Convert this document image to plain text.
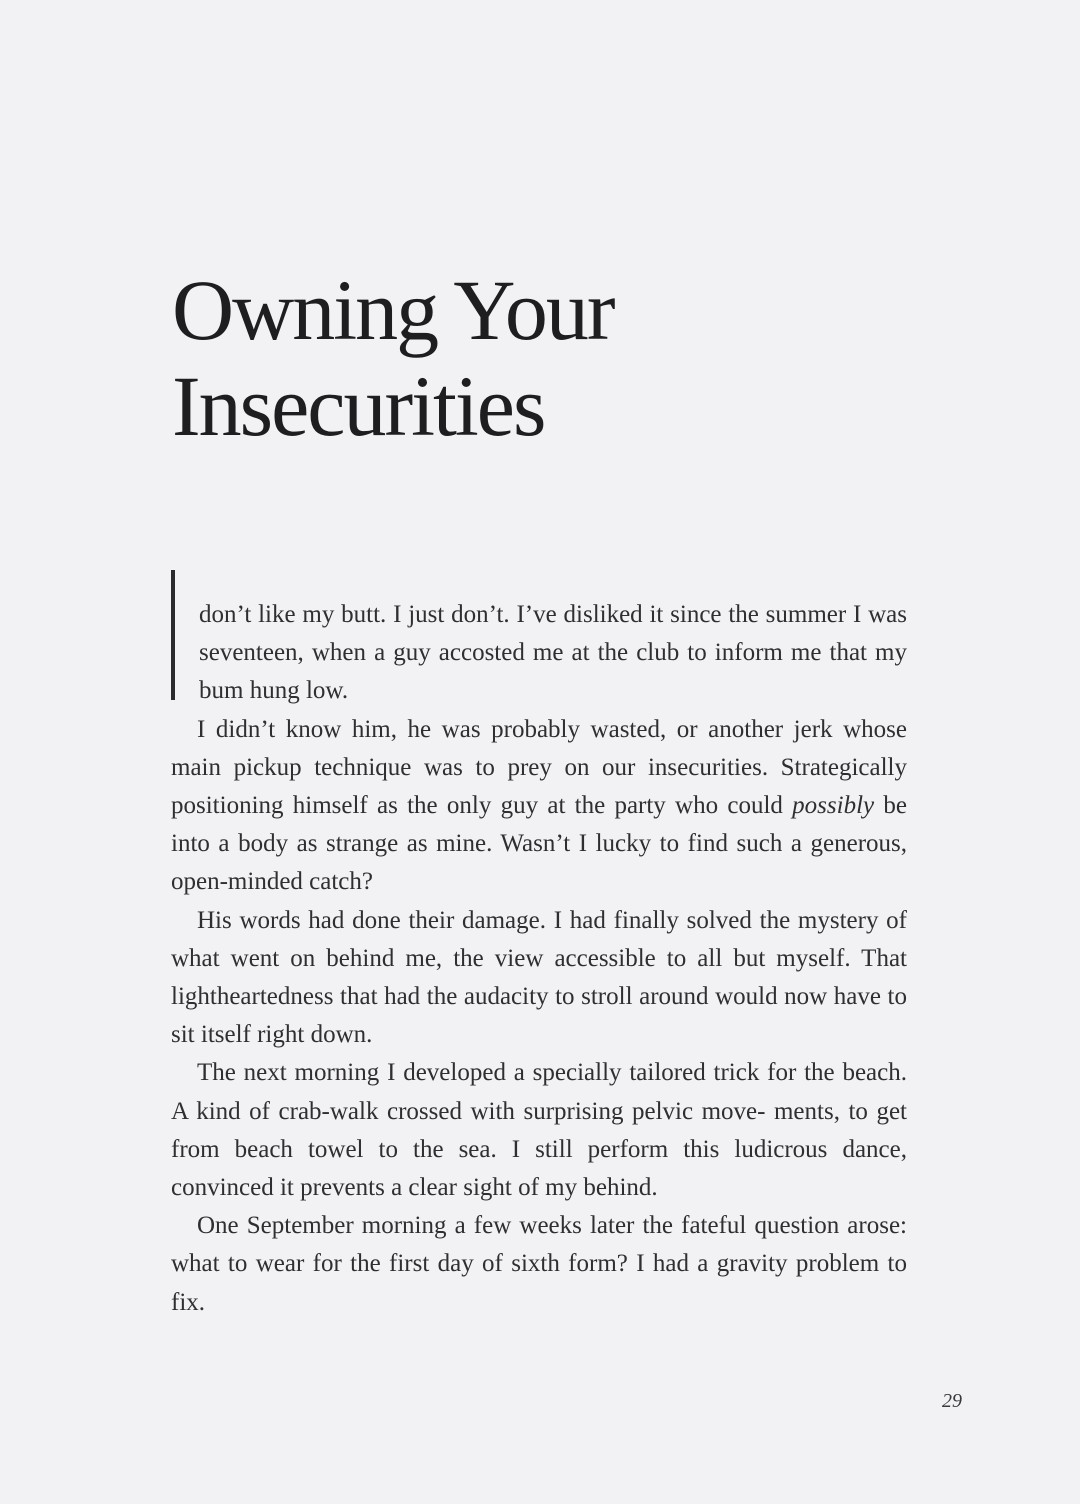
Owning Your
Insecurities

don’t like my butt. I just don’t. I’ve disliked it since the summer I was seventeen, when a guy accosted me at the club to inform me that my bum hung low.

I didn’t know him, he was probably wasted, or another jerk whose main pickup technique was to prey on our insecurities. Strategically positioning himself as the only guy at the party who could possibly be into a body as strange as mine. Wasn’t I lucky to find such a generous, open-minded catch?

His words had done their damage. I had finally solved the mystery of what went on behind me, the view accessible to all but myself. That lightheartedness that had the audacity to stroll around would now have to sit itself right down.

The next morning I developed a specially tailored trick for the beach. A kind of crab-walk crossed with surprising pelvic move- ments, to get from beach towel to the sea. I still perform this ludicrous dance, convinced it prevents a clear sight of my behind.

One September morning a few weeks later the fateful question arose: what to wear for the first day of sixth form? I had a gravity problem to fix.

29
